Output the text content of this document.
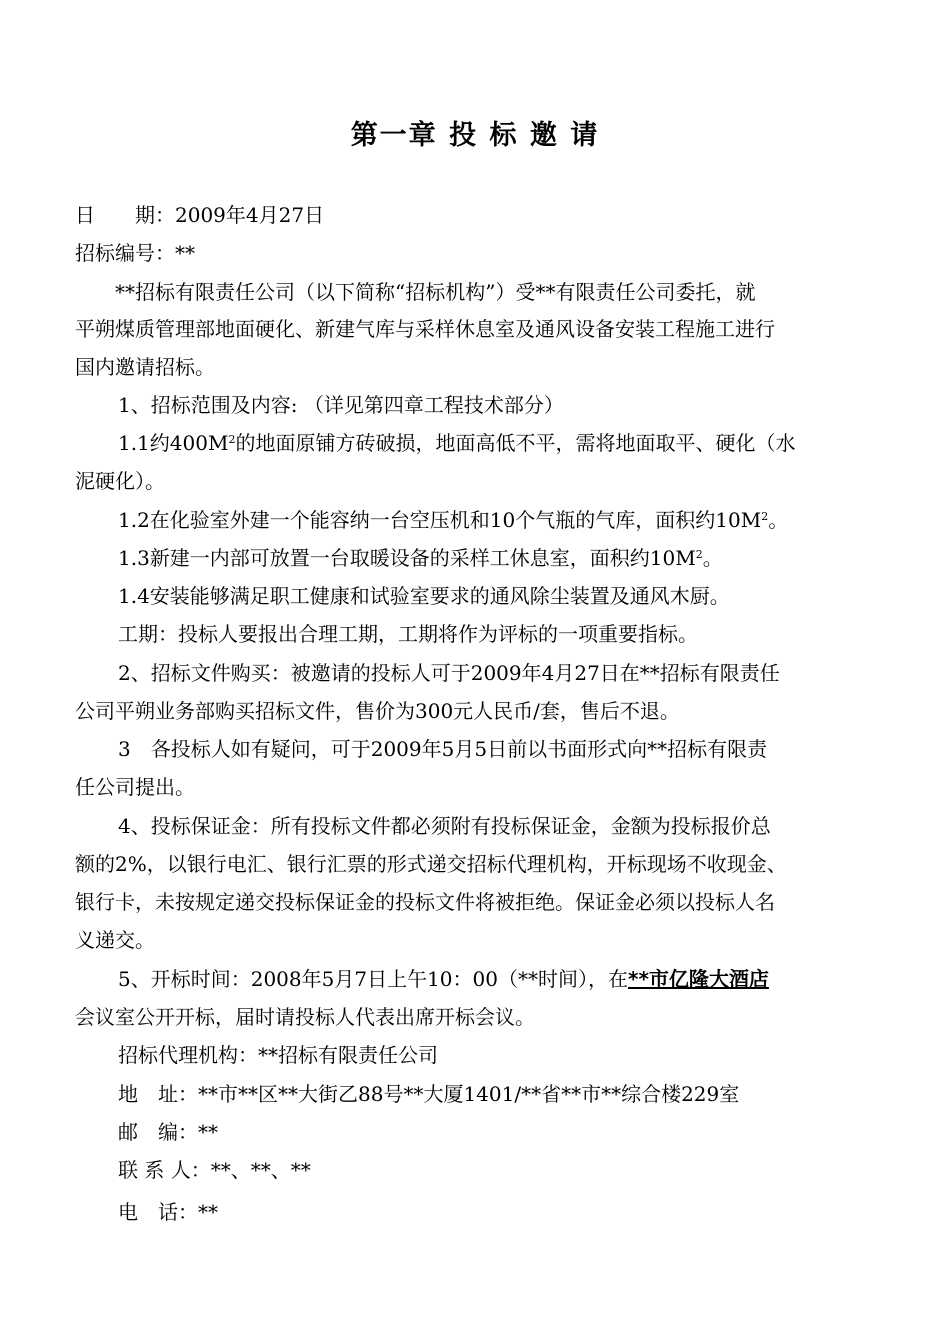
第一章 投 标 邀 请
日　　期：2009年4月27日
招标编号：**
**招标有限责任公司（以下简称“招标机构”）受**有限责任公司委托，就
平朔煤质管理部地面硬化、新建气库与采样休息室及通风设备安装工程施工进行
国内邀请招标。
1、招标范围及内容: （详见第四章工程技术部分）
1.1约$400M^2$的地面原铺方砖破损，地面高低不平，需将地面取平、硬化（水
泥硬化）。
1.2在化验室外建一个能容纳一台空压机和10个气瓶的气库，面积约$10M^2$。
1.3新建一内部可放置一台取暖设备的采样工休息室，面积约$10M^2$。
1.4安装能够满足职工健康和试验室要求的通风除尘装置及通风木厨。
工期：投标人要报出合理工期，工期将作为评标的一项重要指标。
2、招标文件购买：被邀请的投标人可于2009年4月27日在**招标有限责任
公司平朔业务部购买招标文件，售价为300元人民币/套，售后不退。
3　各投标人如有疑问，可于2009年5月5日前以书面形式向**招标有限责
任公司提出。
4、投标保证金：所有投标文件都必须附有投标保证金，金额为投标报价总
额的2%，以银行电汇、银行汇票的形式递交招标代理机构，开标现场不收现金、
银行卡，未按规定递交投标保证金的投标文件将被拒绝。保证金必须以投标人名
义递交。
5、开标时间：2008年5月7日上午10：00（**时间），在**市亿隆大酒店
会议室公开开标，届时请投标人代表出席开标会议。
招标代理机构：**招标有限责任公司
地　址：**市**区**大街乙88号**大厦1401/**省**市**综合楼229室
邮　编：**
联 系 人：**、**、**
电　话：**
